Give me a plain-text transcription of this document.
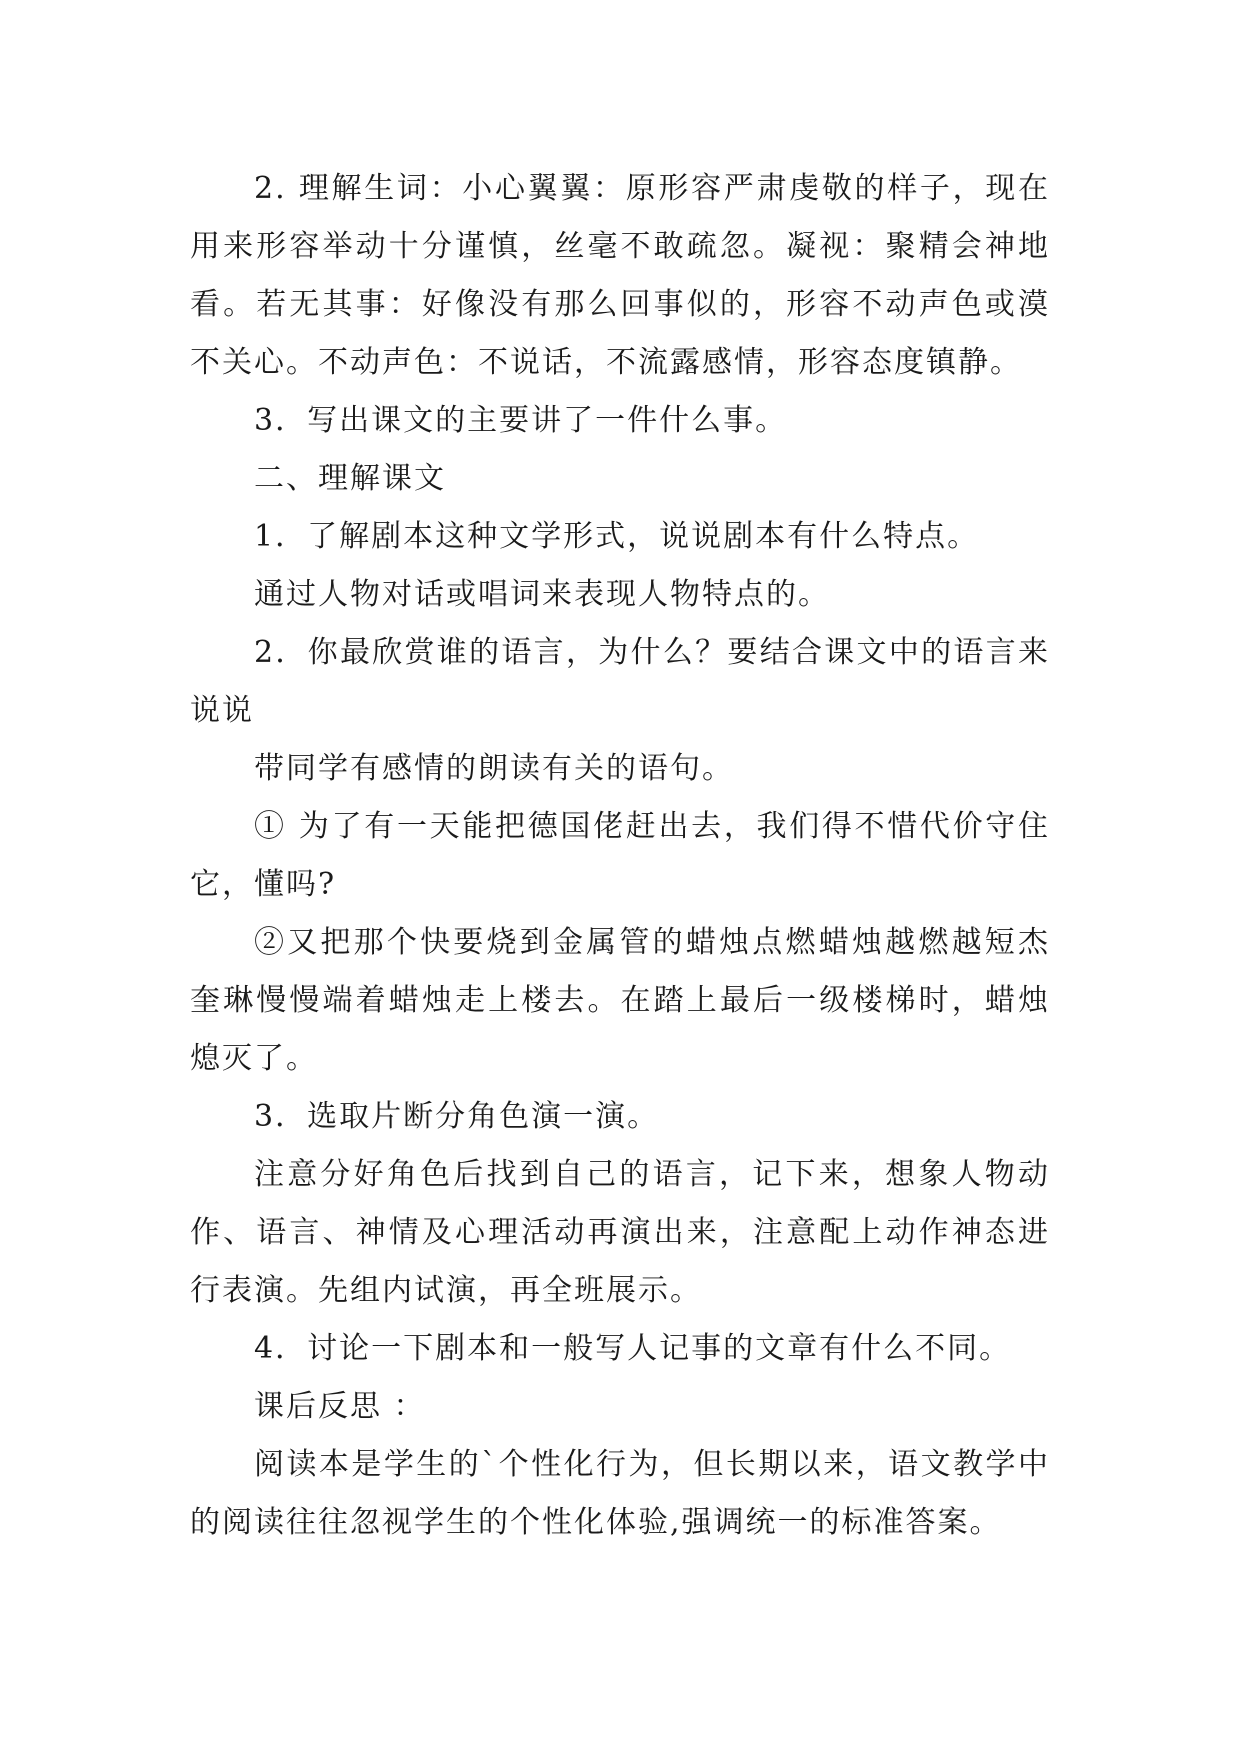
2. 理解生词：小心翼翼：原形容严肃虔敬的样子，现在用来形容举动十分谨慎，丝毫不敢疏忽。凝视：聚精会神地看。若无其事：好像没有那么回事似的，形容不动声色或漠不关心。不动声色：不说话，不流露感情，形容态度镇静。

3．写出课文的主要讲了一件什么事。

二、理解课文

1．了解剧本这种文学形式，说说剧本有什么特点。

通过人物对话或唱词来表现人物特点的。

2．你最欣赏谁的语言，为什么？要结合课文中的语言来说说

带同学有感情的朗读有关的语句。

① 为了有一天能把德国佬赶出去，我们得不惜代价守住它，懂吗?

②又把那个快要烧到金属管的蜡烛点燃蜡烛越燃越短杰奎琳慢慢端着蜡烛走上楼去。在踏上最后一级楼梯时，蜡烛熄灭了。

3．选取片断分角色演一演。

注意分好角色后找到自己的语言，记下来，想象人物动作、语言、神情及心理活动再演出来，注意配上动作神态进行表演。先组内试演，再全班展示。

4．讨论一下剧本和一般写人记事的文章有什么不同。

课后反思 ：

阅读本是学生的`个性化行为，但长期以来，语文教学中的阅读往往忽视学生的个性化体验,强调统一的标准答案。
